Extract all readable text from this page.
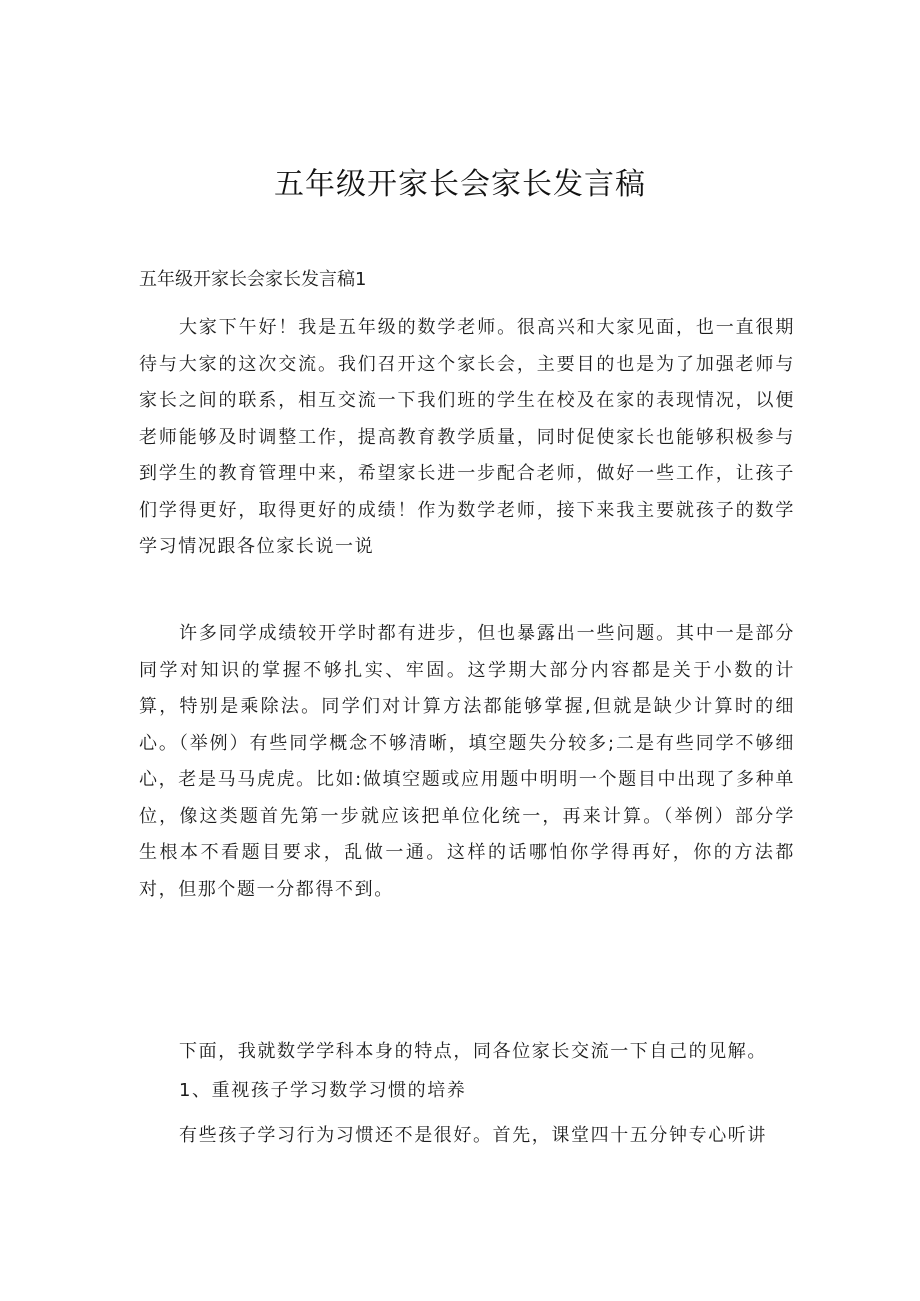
五年级开家长会家长发言稿

五年级开家长会家长发言稿1

大家下午好！我是五年级的数学老师。很高兴和大家见面，也一直很期待与大家的这次交流。我们召开这个家长会，主要目的也是为了加强老师与家长之间的联系，相互交流一下我们班的学生在校及在家的表现情况，以便老师能够及时调整工作，提高教育教学质量，同时促使家长也能够积极参与到学生的教育管理中来，希望家长进一步配合老师，做好一些工作，让孩子们学得更好，取得更好的成绩！作为数学老师，接下来我主要就孩子的数学学习情况跟各位家长说一说

许多同学成绩较开学时都有进步，但也暴露出一些问题。其中一是部分同学对知识的掌握不够扎实、牢固。这学期大部分内容都是关于小数的计算，特别是乘除法。同学们对计算方法都能够掌握,但就是缺少计算时的细心。（举例）有些同学概念不够清晰，填空题失分较多;二是有些同学不够细心，老是马马虎虎。比如:做填空题或应用题中明明一个题目中出现了多种单位，像这类题首先第一步就应该把单位化统一，再来计算。（举例）部分学生根本不看题目要求，乱做一通。这样的话哪怕你学得再好，你的方法都对，但那个题一分都得不到。

下面，我就数学学科本身的特点，同各位家长交流一下自己的见解。

1、重视孩子学习数学习惯的培养

有些孩子学习行为习惯还不是很好。首先，课堂四十五分钟专心听讲
